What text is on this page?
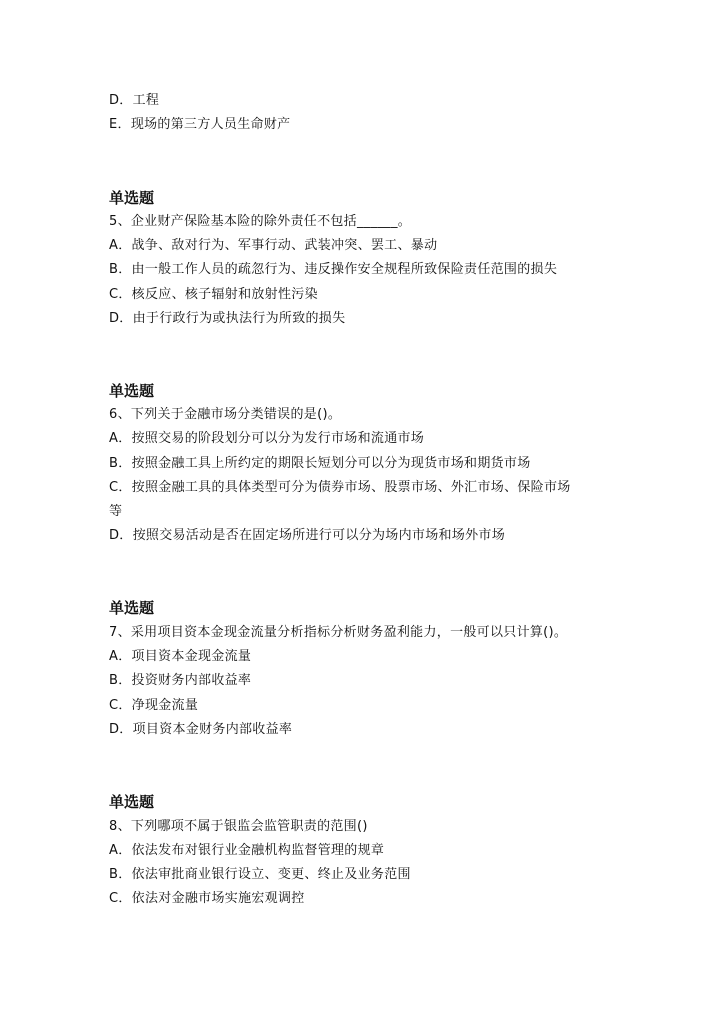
D．工程
E．现场的第三方人员生命财产
单选题
5、企业财产保险基本险的除外责任不包括______。
A．战争、敌对行为、军事行动、武装冲突、罢工、暴动
B．由一般工作人员的疏忽行为、违反操作安全规程所致保险责任范围的损失
C．核反应、核子辐射和放射性污染
D．由于行政行为或执法行为所致的损失
单选题
6、下列关于金融市场分类错误的是()。
A．按照交易的阶段划分可以分为发行市场和流通市场
B．按照金融工具上所约定的期限长短划分可以分为现货市场和期货市场
C．按照金融工具的具体类型可分为债券市场、股票市场、外汇市场、保险市场
等
D．按照交易活动是否在固定场所进行可以分为场内市场和场外市场
单选题
7、采用项目资本金现金流量分析指标分析财务盈利能力，一般可以只计算()。
A．项目资本金现金流量
B．投资财务内部收益率
C．净现金流量
D．项目资本金财务内部收益率
单选题
8、下列哪项不属于银监会监管职责的范围()
A．依法发布对银行业金融机构监督管理的规章
B．依法审批商业银行设立、变更、终止及业务范围
C．依法对金融市场实施宏观调控
